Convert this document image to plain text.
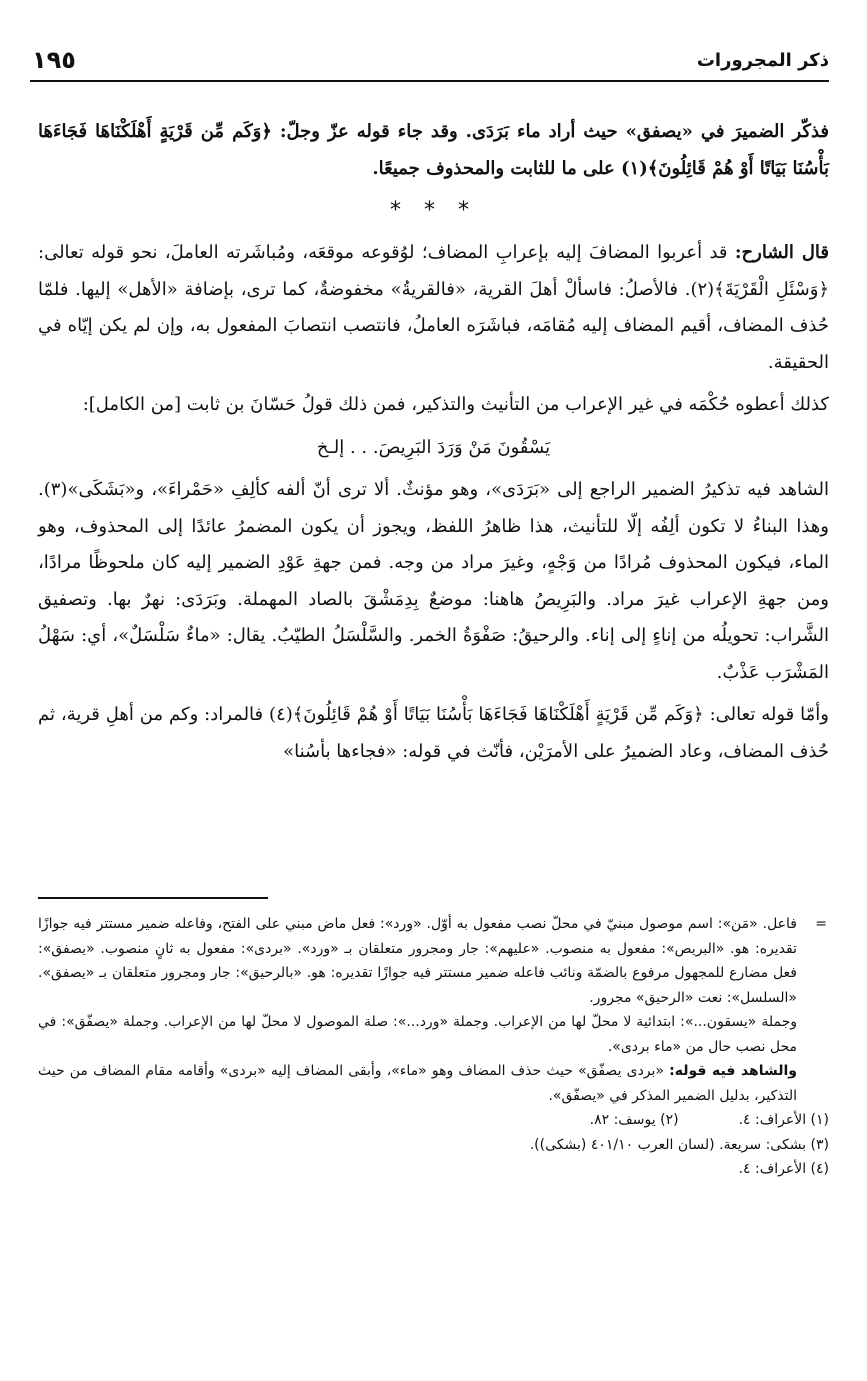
ذكر المجرورات
١٩٥

فذكّر الضميرَ في «يصفق» حيث أراد ماء بَرَدَى. وقد جاء قوله عزّ وجلّ: ﴿وَكَم مِّن قَرْيَةٍ أَهْلَكْنَاهَا فَجَاءَهَا بَأْسُنَا بَيَاتًا أَوْ هُمْ قَائِلُونَ﴾(١) على ما للثابت والمحذوف جميعًا.

* * *

قال الشارح: قد أعربوا المضافَ إليه بإعرابِ المضاف؛ لوُقوعه موقعَه، ومُباشَرته العاملَ، نحو قوله تعالى: ﴿وَسْئَلِ الْقَرْيَةَ﴾(٢). فالأصلُ: فاسألْ أهلَ القرية، «فالقريةُ» مخفوضةٌ، كما ترى، بإضافة «الأهل» إليها. فلمّا حُذف المضاف، أقيم المضاف إليه مُقامَه، فباشَرَه العاملُ، فانتصب انتصابَ المفعول به، وإن لم يكن إيّاه في الحقيقة.

كذلك أعطوه حُكْمَه في غير الإعراب من التأنيث والتذكير، فمن ذلك قولُ حَسّانَ بن ثابت [من الكامل]:

يَسْقُونَ مَنْ وَرَدَ البَرِيصَ. . . إلـخ

الشاهد فيه تذكيرُ الضمير الراجع إلى «بَرَدَى»، وهو مؤنثٌ. ألا ترى أنّ ألفه كألِفِ «حَمْراءَ»، و«بَشَكَى»(٣). وهذا البناءُ لا تكون ألِفُه إلّا للتأنيث، هذا ظاهرُ اللفظ، ويجوز أن يكون المضمرُ عائدًا إلى المحذوف، وهو الماء، فيكون المحذوف مُرادًا من وَجْهٍ، وغيرَ مراد من وجه. فمن جهةِ عَوْدِ الضمير إليه كان ملحوظًا مرادًا، ومن جهةِ الإعراب غيرَ مراد. والبَرِيصُ هاهنا: موضعٌ بِدِمَشْقَ بالصاد المهملة. وبَرَدَى: نهرٌ بها. وتصفيق الشَّراب: تحويلُه من إناءٍ إلى إناء. والرحيقُ: صَفْوَةُ الخمر. والسَّلْسَلُ الطيّبُ. يقال: «ماءٌ سَلْسَلٌ»، أي: سَهْلُ المَشْرَب عَذْبٌ.

وأمّا قوله تعالى: ﴿وَكَم مِّن قَرْيَةٍ أَهْلَكْنَاهَا فَجَاءَهَا بَأْسُنَا بَيَاتًا أَوْ هُمْ قَائِلُونَ﴾(٤) فالمراد: وكم من أهلِ قرية، ثم حُذف المضاف، وعاد الضميرُ على الأمرَيْن، فأنّث في قوله: «فجاءها بأسُنا»

=
فاعل. «مَن»: اسم موصول مبنيّ في محلّ نصب مفعول به أوّل. «ورد»: فعل ماض مبني على الفتح، وفاعله ضمير مستتر فيه جوازًا تقديره: هو. «البريص»: مفعول به منصوب. «عليهم»: جار ومجرور متعلقان بـ «ورد». «بردى»: مفعول به ثانٍ منصوب. «يصفق»: فعل مضارع للمجهول مرفوع بالضمّة ونائب فاعله ضمير مستتر فيه جوازًا تقديره: هو. «بالرحيق»: جار ومجرور متعلقان بـ «يصفق». «السلسل»: نعت «الرحيق» مجرور.

وجملة «يسقون...»: ابتدائية لا محلّ لها من الإعراب. وجملة «ورد...»: صلة الموصول لا محلّ لها من الإعراب. وجملة «يصفّق»: في محل نصب حال من «ماء بردى».

والشاهد فيه قوله: «بردى يصفّق» حيث حذف المضاف وهو «ماء»، وأبقى المضاف إليه «بردى» وأقامه مقام المضاف من حيث التذكير، بدليل الضمير المذكر في «يصفّق».

(١) الأعراف: ٤.
(٢) يوسف: ٨٢.

(٣) بشكى: سريعة. (لسان العرب ٤٠١/١٠ (بشكى)).

(٤) الأعراف: ٤.
